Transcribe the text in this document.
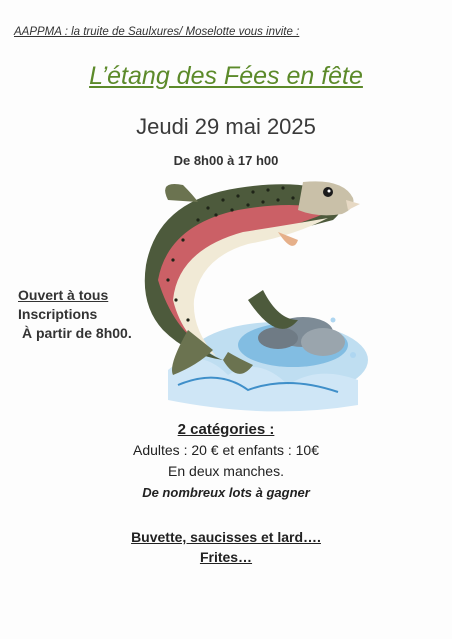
AAPPMA : la truite de Saulxures/ Moselotte vous invite :
L’étang des Fées en fête
Jeudi 29 mai 2025
De 8h00 à 17 h00
Ouvert à tous
Inscriptions
À partir de 8h00.
2 catégories :
Adultes : 20 € et enfants : 10€
En deux manches.
De nombreux lots à gagner
Buvette, saucisses et lard….
Frites…
